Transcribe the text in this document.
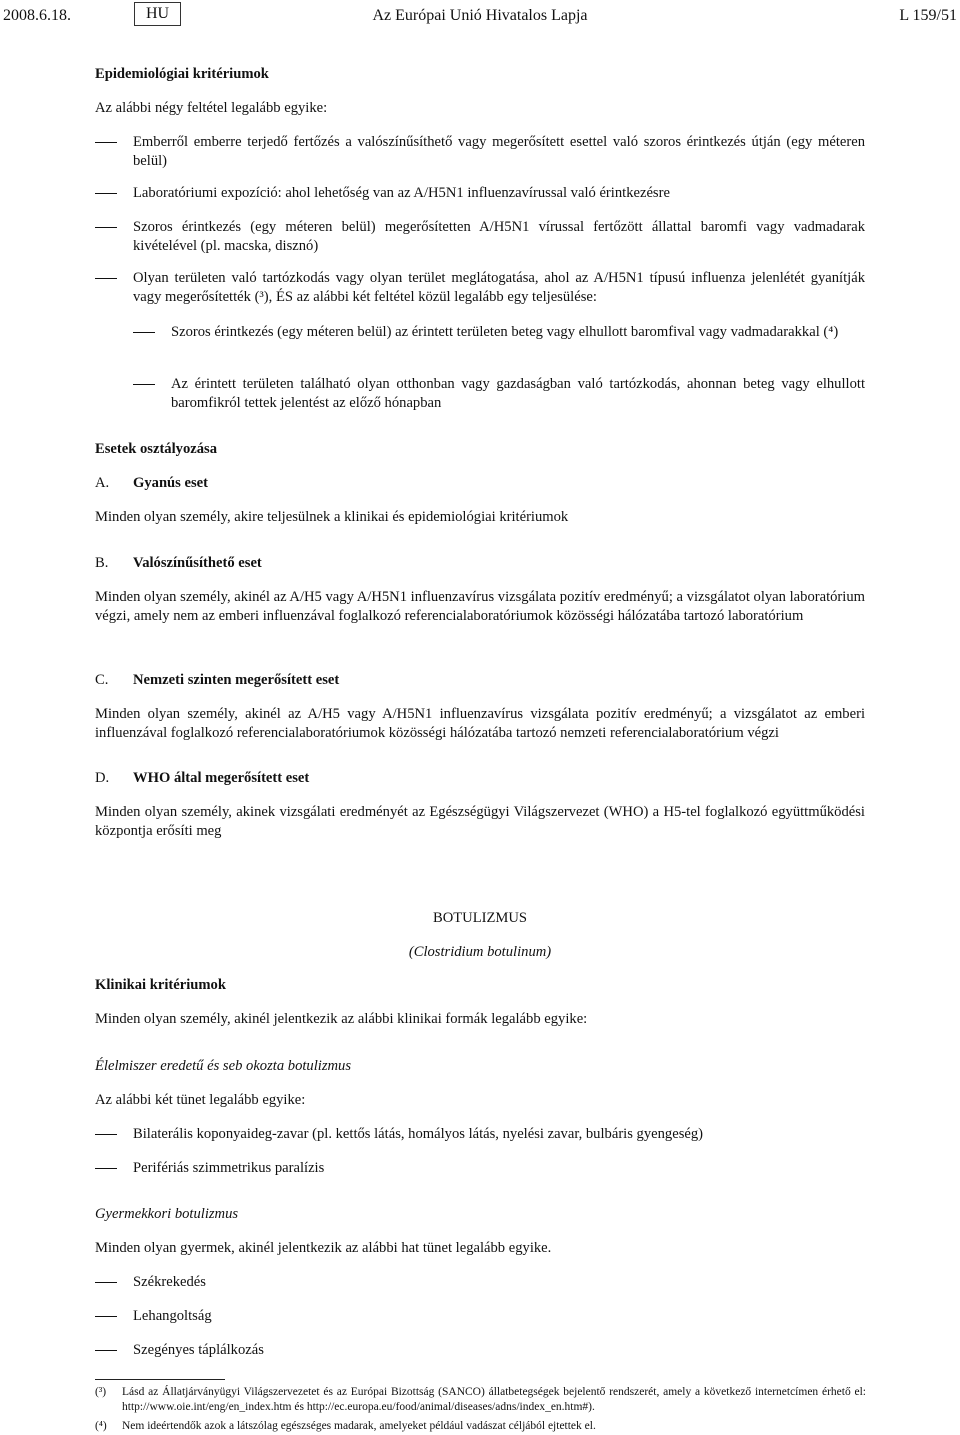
2008.6.18.	HU	Az Európai Unió Hivatalos Lapja	L 159/51
Epidemiológiai kritériumok
Az alábbi négy feltétel legalább egyike:
Emberről emberre terjedő fertőzés a valószínűsíthető vagy megerősített esettel való szoros érintkezés útján (egy méteren belül)
Laboratóriumi expozíció: ahol lehetőség van az A/H5N1 influenzavírussal való érintkezésre
Szoros érintkezés (egy méteren belül) megerősítetten A/H5N1 vírussal fertőzött állattal baromfi vagy vadmadarak kivételével (pl. macska, disznó)
Olyan területen való tartózkodás vagy olyan terület meglátogatása, ahol az A/H5N1 típusú influenza jelenlétét gyanítják vagy megerősítették (³), ÉS az alábbi két feltétel közül legalább egy teljesülése:
Szoros érintkezés (egy méteren belül) az érintett területen beteg vagy elhullott baromfival vagy vadmadarakkal (⁴)
Az érintett területen található olyan otthonban vagy gazdaságban való tartózkodás, ahonnan beteg vagy elhullott baromfikról tettek jelentést az előző hónapban
Esetek osztályozása
A. Gyanús eset
Minden olyan személy, akire teljesülnek a klinikai és epidemiológiai kritériumok
B. Valószínűsíthető eset
Minden olyan személy, akinél az A/H5 vagy A/H5N1 influenzavírus vizsgálata pozitív eredményű; a vizsgálatot olyan laboratórium végzi, amely nem az emberi influenzával foglalkozó referencialaboratóriumok közösségi hálózatába tartozó laboratórium
C. Nemzeti szinten megerősített eset
Minden olyan személy, akinél az A/H5 vagy A/H5N1 influenzavírus vizsgálata pozitív eredményű; a vizsgálatot az emberi influenzával foglalkozó referencialaboratóriumok közösségi hálózatába tartozó nemzeti referencialaboratórium végzi
D. WHO által megerősített eset
Minden olyan személy, akinek vizsgálati eredményét az Egészségügyi Világszervezet (WHO) a H5-tel foglalkozó együttműködési központja erősíti meg
BOTULIZMUS
(Clostridium botulinum)
Klinikai kritériumok
Minden olyan személy, akinél jelentkezik az alábbi klinikai formák legalább egyike:
Élelmiszer eredetű és seb okozta botulizmus
Az alábbi két tünet legalább egyike:
Bilaterális koponyaideg-zavar (pl. kettős látás, homályos látás, nyelési zavar, bulbáris gyengeség)
Perifériás szimmetrikus paralízis
Gyermekkori botulizmus
Minden olyan gyermek, akinél jelentkezik az alábbi hat tünet legalább egyike.
Székrekedés
Lehangoltság
Szegényes táplálkozás
(³) Lásd az Állatjárványügyi Világszervezetet és az Európai Bizottság (SANCO) állatbetegségek bejelentő rendszerét, amely a következő internetcímen érhető el: http://www.oie.int/eng/en_index.htm és http://ec.europa.eu/food/animal/diseases/adns/index_en.htm#).
(⁴) Nem ideértendők azok a látszólag egészséges madarak, amelyeket például vadászat céljából ejtettek el.
